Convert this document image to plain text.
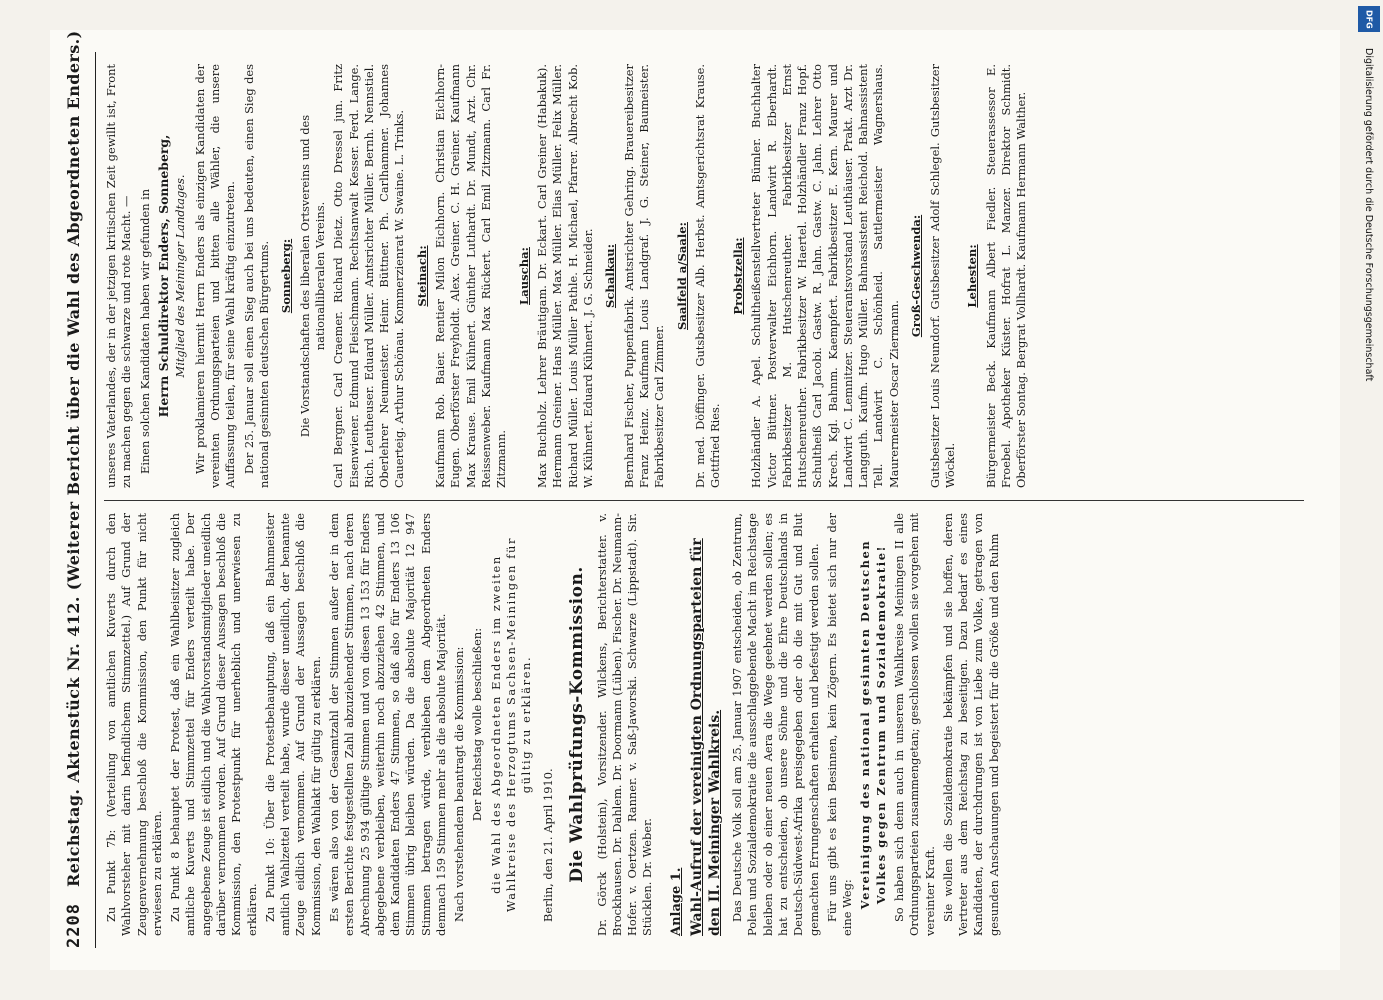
2208
Reichstag. Aktenstück Nr. 412. (Weiterer Bericht über die Wahl des Abgeordneten Enders.) Zu Punkt 7b: (Verteilung von amtlichen Kuverts durch den Wahlvorsteher mit darin befindlichem Stimmzettel.) Auf Grund der Zeugenvernehmung beschloß die Kommission, den Punkt für nicht erwiesen zu erklären. Zu Punkt 8 behauptet der Protest, daß ein Wahlbeisitzer zugleich amtliche Kuverts und Stimmzettel für Enders verteilt habe. Der angegebene Zeuge ist eidlich und die Wahlvorstandsmitglieder uneidlich darüber vernommen worden. Auf Grund dieser Aussagen beschloß die Kommission, den Protestpunkt für unerheblich und unerwiesen zu erklären. Zu Punkt 10: Über die Protestbehauptung, daß ein Bahnmeister amtlich Wahlzettel verteilt habe, wurde dieser uneidlich, der benannte Zeuge eidlich vernommen. Auf Grund der Aussagen beschloß die Kommission, den Wahlakt für gültig zu erklären. Es wären also von der Gesamtzahl der Stimmen außer der in dem ersten Berichte festgestellten Zahl abzuziehender Stimmen, nach deren Abrechnung 25 934 gültige Stimmen und von diesen 13 153 für Enders abgegebene verbleiben, weiterhin noch abzuziehen 42 Stimmen, und dem Kandidaten Enders 47 Stimmen, so daß also für Enders 13 106 Stimmen übrig bleiben würden. Da die absolute Majorität 12 947 Stimmen betragen würde, verblieben dem Abgeordneten Enders demnach 159 Stimmen mehr als die absolute Majorität. Nach vorstehendem beantragt die Kommission: Der Reichstag wolle beschließen: die Wahl des Abgeordneten Enders im zweiten Wahlkreise des Herzogtums Sachsen-Meiningen für gültig zu erklären.

Berlin, den 21. April 1910. Die Wahlprüfungs-Kommission. Dr. Görck (Holstein), Vorsitzender. Wilckens, Berichterstatter. v. Brockhausen. Dr. Dahlem. Dr. Doormann (Lüben). Fischer. Dr. Neumann-Hofer. v. Oertzen. Ranner. v. Saß-Jaworski. Schwarze (Lippstadt). Sir. Stücklen. Dr. Weber. Anlage 1. Wahl-Aufruf der vereinigten Ordnungsparteien für den II. Meininger Wahlkreis. Das Deutsche Volk soll am 25. Januar 1907 entscheiden, ob Zentrum, Polen und Sozialdemokratie die ausschlaggebende Macht im Reichstage bleiben oder ob einer neuen Aera die Wege geebnet werden sollen; es hat zu entscheiden, ob unsere Söhne und die Ehre Deutschlands in Deutsch-Südwest-Afrika preisgegeben oder ob die mit Gut und Blut gemachten Errungenschaften erhalten und befestigt werden sollen. Für uns gibt es kein Besinnen, kein Zögern. Es bietet sich nur der eine Weg: Vereinigung des national gesinnten Deutschen Volkes gegen Zentrum und Sozialdemokratie! So haben sich denn auch in unserem Wahlkreise Meiningen II alle Ordnungsparteien zusammengetan; geschlossen wollen sie vorgehen mit vereinter Kraft. Sie wollen die Sozialdemokratie bekämpfen und sie hoffen, deren Vertreter aus dem Reichstag zu beseitigen. Dazu bedarf es eines Kandidaten, der durchdrungen ist von Liebe zum Volke, getragen von gesunden Anschauungen und begeistert für die Größe und den Ruhm

unseres Vaterlandes, der in der jetzigen kritischen Zeit gewillt ist, Front zu machen gegen die schwarze und rote Macht. — Einen solchen Kandidaten haben wir gefunden in Herrn Schuldirektor Enders, Sonneberg, Mitglied des Meininger Landtages. Wir proklamieren hiermit Herrn Enders als einzigen Kandidaten der vereinten Ordnungsparteien und bitten alle Wähler, die unsere Auffassung teilen, für seine Wahl kräftig einzutreten. Der 25. Januar soll einen Sieg auch bei uns bedeuten, einen Sieg des national gesinnten deutschen Bürgertums. Sonneberg: Die Vorstandschaften des liberalen Ortsvereins und des nationalliberalen Vereins. Carl Bergner. Carl Craemer. Richard Dietz. Otto Dressel jun. Fritz Eisenwiener. Edmund Fleischmann. Rechtsanwalt Kesser. Ferd. Lange. Rich. Leutheuser. Eduard Müller. Amtsrichter Müller. Bernh. Nennstiel. Oberlehrer Neumeister. Heinr. Büttner. Ph. Carlhammer. Johannes Cauerteig. Arthur Schönau. Kommerzienrat W. Swaine. L. Trinks. Steinach: Kaufmann Rob. Baier. Rentier Milon Eichhorn. Christian Eichhorn-Eugen. Oberförster Freyholdt. Alex. Greiner. C. H. Greiner. Kaufmann Max Krause. Emil Kühnert. Günther Luthardt. Dr. Mundt, Arzt. Chr. Reissenweber. Kaufmann Max Rückert. Carl Emil Zitzmann. Carl Fr. Zitzmann.

Lauscha: Max Buchholz. Lehrer Bräutigam. Dr. Eckart. Carl Greiner (Habakuk). Hermann Greiner. Hans Müller. Max Müller. Elias Müller. Felix Müller. Richard Müller. Louis Müller Pathle. H. Michael, Pfarrer. Albrecht Kob. W. Kühnert. Eduard Kühnert. J. G. Schneider. Schalkau: Bernhard Fischer, Puppenfabrik. Amtsrichter Gehring. Brauereibesitzer Franz Heinz. Kaufmann Louis Landgraf. J. G. Steiner, Baumeister. Fabrikbesitzer Carl Zimmer.

Saalfeld a/Saale: Dr. med. Döffinger. Gutsbesitzer Alb. Herbst. Amtsgerichtsrat Krause. Gottfried Ries.

Probstzella: Holzhändler A. Apel. Schultheißenstellvertreter Bümler. Buchhalter Victor Büttner. Postverwalter Eichhorn. Landwirt R. Eberhardt. Fabrikbesitzer M. Hutschenreuther. Fabrikbesitzer Ernst Hutschenreuther. Fabrikbesitzer W. Haertel. Holzhändler Franz Hopf. Schultheiß Carl Jacobi. Gastw. R. Jahn. Gastw. C. Jahn. Lehrer Otto Krech. Kgl. Bahnm. Kaempfert. Fabrikbesitzer E. Kern. Maurer und Landwirt C. Lemnitzer. Steuerantsvorstand Leuthäuser. Prakt. Arzt Dr. Langguth. Kaufm. Hugo Müller. Bahnassistent Reichold. Bahnassistent Tell. Landwirt C. Schönheid. Sattlermeister Wagnershaus. Maurermeister Oscar Ziermann.

Groß-Geschwenda: Gutsbesitzer Louis Neundorf. Gutsbesitzer Adolf Schlegel. Gutsbesitzer Wöckel.

Lehesten: Bürgermeister Beck. Kaufmann Albert Fiedler. Steuerassessor E. Froebel. Apotheker Küster. Hofrat L. Manzer. Direktor Schmidt. Oberförster Sontag. Bergrat Vollhardt. Kaufmann Hermann Walther.

DFG
Digitalisierung gefördert durch die Deutsche Forschungsgemeinschaft
